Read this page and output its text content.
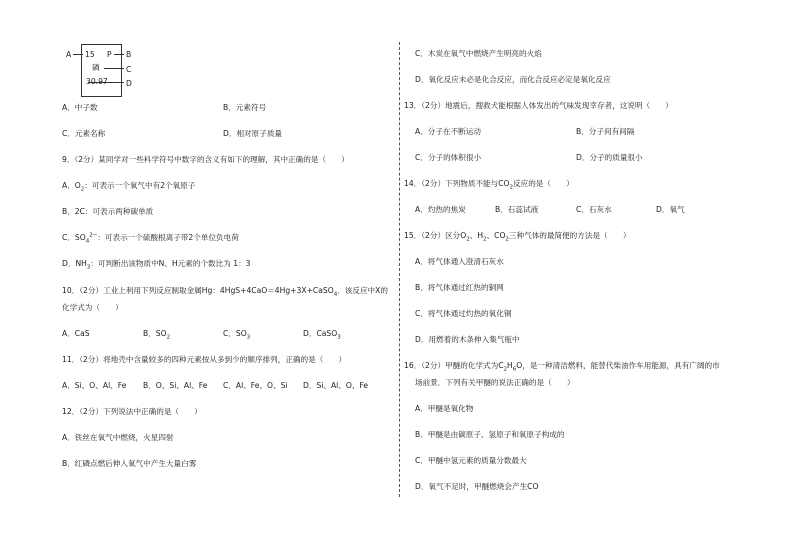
A 15 P B
磷	C
30.97 D
A．中子数	B．元素符号
C．元素名称	D．相对原子质量
9．（2分）某同学对一些科学符号中数字的含义有如下的理解，其中正确的是（　　）
A．$O_2$：可表示一个氧气中有2个氧原子
B．2C：可表示两种碳单质
C．$SO_4^{2-}$：可表示一个硫酸根离子带2个单位负电荷
D．$NH_3$：可判断出该物质中N、H元素的个数比为 1：3
10．（2分）工业上利用下列反应制取金属Hg：4HgS+4CaO＝4Hg+3X+CaSO$_4$．该反应中X的
化学式为（　　）
A．CaS	B．$SO_2$	C．$SO_3$	D．CaSO$_3$
11．（2分）将地壳中含量较多的四种元素按从多到少的顺序排列，正确的是（　　）
A．Si、O、Al、Fe B．O、Si、Al、Fe C．Al、Fe、O、Si D．Si、Al、O、Fe
12．（2分）下列说法中正确的是（　　）
A．铁丝在氧气中燃烧，火星四射
B．红磷点燃后伸入氧气中产生大量白雾
C．木炭在氧气中燃烧产生明亮的火焰
D．氧化反应未必是化合反应，而化合反应必定是氧化反应
13．（2分）地震后，搜救犬能根据人体发出的气味发现幸存者，这说明（　　）
A．分子在不断运动	B．分子间有间隔
C．分子的体积很小	D．分子的质量很小
14．（2分）下列物质不能与$CO_2$反应的是（　　）
A．灼热的焦炭	B．石蕊试液	C．石灰水	D．氧气
15．（2分）区分$O_2$、$H_2$、$CO_2$三种气体的最简便的方法是（　　）
A．将气体通入澄清石灰水
B．将气体通过红热的铜网
C．将气体通过灼热的氧化铜
D．用燃着的木条伸入集气瓶中
16．（2分）甲醚的化学式为$C_2H_6O$，是一种清洁燃料，能替代柴油作车用能源，具有广阔的市
场前景．下列有关甲醚的说法正确的是（　　）
A．甲醚是氧化物
B．甲醚是由碳原子、氢原子和氧原子构成的
C．甲醚中氢元素的质量分数最大
D．氧气不足时，甲醚燃烧会产生CO
